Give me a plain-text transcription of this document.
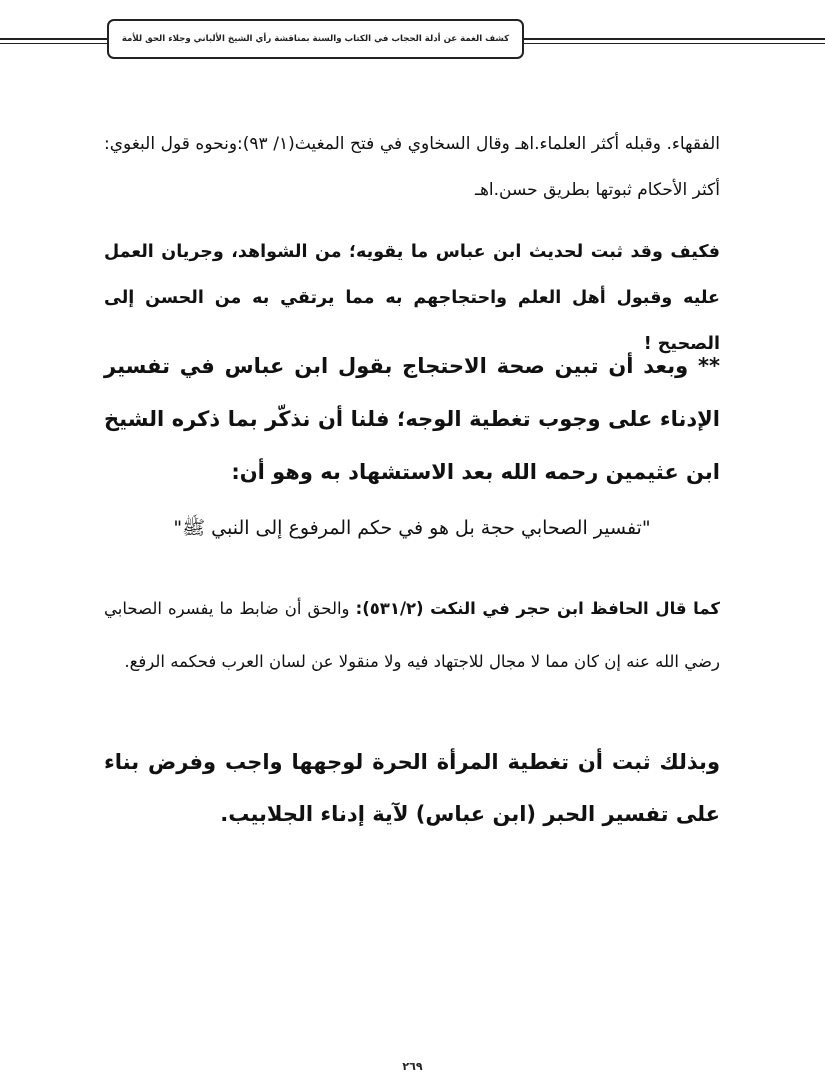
كشف الغمة عن أدلة الحجاب في الكتاب والسنة بمناقشة رأي الشيخ الألباني وجلاء الحق للأمة

الفقهاء. وقبله أكثر العلماء.اهـ وقال السخاوي في فتح المغيث(١/ ٩٣):ونحوه قول البغوي: أكثر الأحكام ثبوتها بطريق حسن.اهـ

فكيف وقد ثبت لحديث ابن عباس ما يقويه؛ من الشواهد، وجريان العمل عليه وقبول أهل العلم واحتجاجهم به مما يرتقي به من الحسن إلى الصحيح !

** وبعد أن تبين صحة الاحتجاج بقول ابن عباس في تفسير الإدناء على وجوب تغطية الوجه؛ فلنا أن نذكّر بما ذكره الشيخ ابن عثيمين رحمه الله بعد الاستشهاد به وهو أن:

"تفسير الصحابي حجة بل هو في حكم المرفوع إلى النبي ﷺ"

كما قال الحافظ ابن حجر في النكت (٥٣١/٢): والحق أن ضابط ما يفسره الصحابي رضي الله عنه إن كان مما لا مجال للاجتهاد فيه ولا منقولا عن لسان العرب فحكمه الرفع.

وبذلك ثبت أن تغطية المرأة الحرة لوجهها واجب وفرض بناء على تفسير الحبر (ابن عباس) لآية إدناء الجلابيب.

٢٦٩
